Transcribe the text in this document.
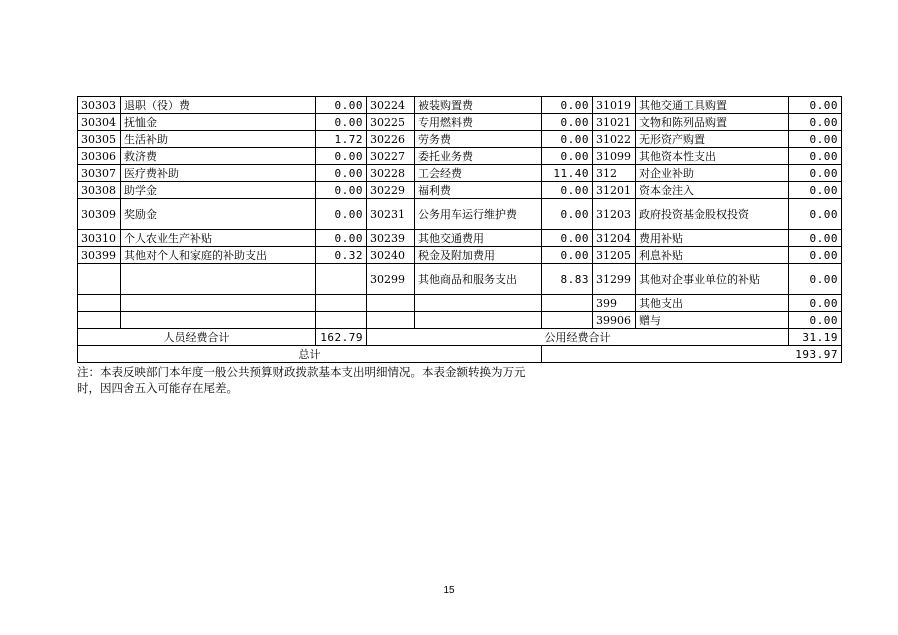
30303	退职（役）费	0.00	30224	被装购置费	0.00	31019	其他交通工具购置	0.00
30304	抚恤金	0.00	30225	专用燃料费	0.00	31021	文物和陈列品购置	0.00
30305	生活补助	1.72	30226	劳务费	0.00	31022	无形资产购置	0.00
30306	救济费	0.00	30227	委托业务费	0.00	31099	其他资本性支出	0.00
30307	医疗费补助	0.00	30228	工会经费	11.40	312	对企业补助	0.00
30308	助学金	0.00	30229	福利费	0.00	31201	资本金注入	0.00
30309	奖励金	0.00	30231	公务用车运行维护费	0.00	31203	政府投资基金股权投资	0.00
30310	个人农业生产补贴	0.00	30239	其他交通费用	0.00	31204	费用补贴	0.00
30399	其他对个人和家庭的补助支出	0.32	30240	税金及附加费用	0.00	31205	利息补贴	0.00
			30299	其他商品和服务支出	8.83	31299	其他对企事业单位的补贴	0.00
						399	其他支出	0.00
						39906	赠与	0.00
人员经费合计		162.79	公用经费合计					31.19
总计					193.97			
注：本表反映部门本年度一般公共预算财政拨款基本支出明细情况。本表金额转换为万元
时，因四舍五入可能存在尾差。
15
